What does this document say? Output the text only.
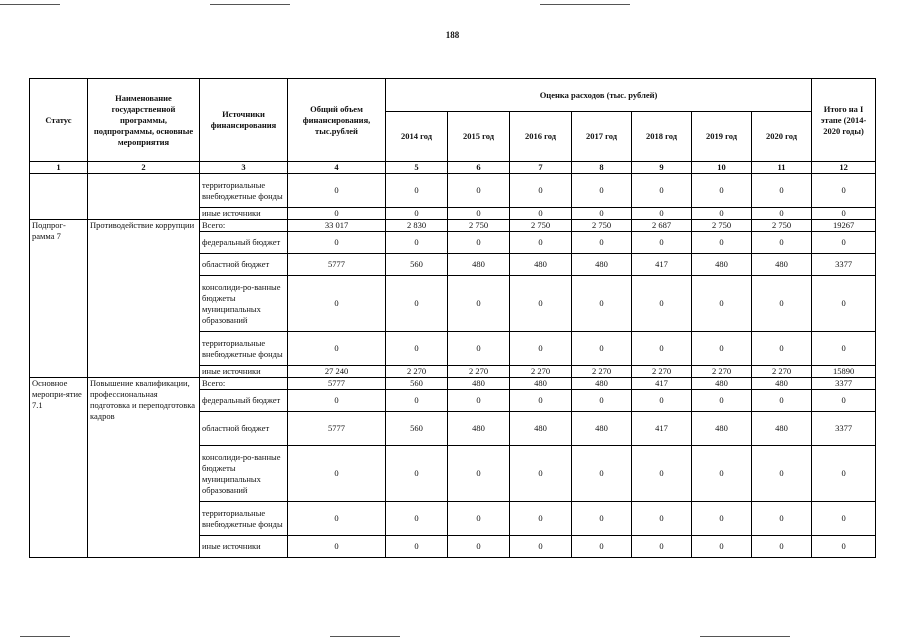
188
Статус	Наименование государственной программы, подпрограммы, основные мероприятия	Источники финансирования	Общий объем финансирования, тыс.рублей	Оценка расходов (тыс. рублей)							Итого на I этапе (2014-2020 годы)
				2014 год	2015 год	2016 год	2017 год	2018 год	2019 год	2020 год	
1	2	3	4	5	6	7	8	9	10	11	12
		территориальные внебюджетные фонды	0	0	0	0	0	0	0	0	0
		иные источники	0	0	0	0	0	0	0	0	0
Подпрог-рамма 7	Противодействие коррупции	Всего:	33 017	2 830	2 750	2 750	2 750	2 687	2 750	2 750	19267
		федеральный бюджет	0	0	0	0	0	0	0	0	0
		областной бюджет	5777	560	480	480	480	417	480	480	3377
		консолиди-ро-ванные бюджеты муниципальных образований	0	0	0	0	0	0	0	0	0
		территориальные внебюджетные фонды	0	0	0	0	0	0	0	0	0
		иные источники	27 240	2 270	2 270	2 270	2 270	2 270	2 270	2 270	15890
Основное меропри-ятие 7.1	Повышение квалификации, профессиональная подготовка и переподготовка кадров	Всего:	5777	560	480	480	480	417	480	480	3377
		федеральный бюджет	0	0	0	0	0	0	0	0	0
		областной бюджет	5777	560	480	480	480	417	480	480	3377
		консолиди-ро-ванные бюджеты муниципальных образований	0	0	0	0	0	0	0	0	0
		территориальные внебюджетные фонды	0	0	0	0	0	0	0	0	0
		иные источники	0	0	0	0	0	0	0	0	0
